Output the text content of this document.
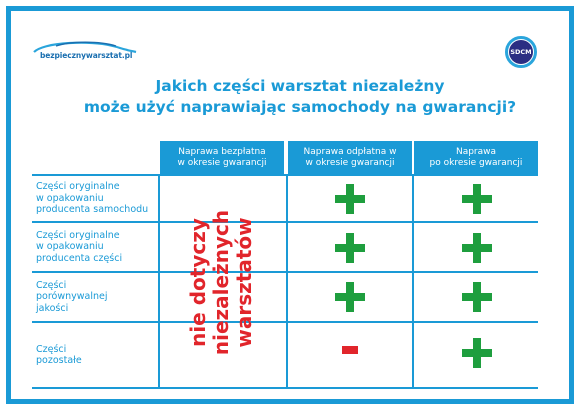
bezpiecznywarsztat.pl	SDCM
Jakich części warsztat niezależny
może użyć naprawiając samochody na gwarancji?
Naprawa bezpłatna
w okresie gwarancji
Naprawa odpłatna w
w okresie gwarancji
Naprawa
po okresie gwarancji
Części oryginalne
w opakowaniu
producenta samochodu
Części oryginalne
w opakowaniu
producenta części
Części
porównywalnej
jakości
Części
pozostałe
nie dotyczy niezależnych warsztatów
